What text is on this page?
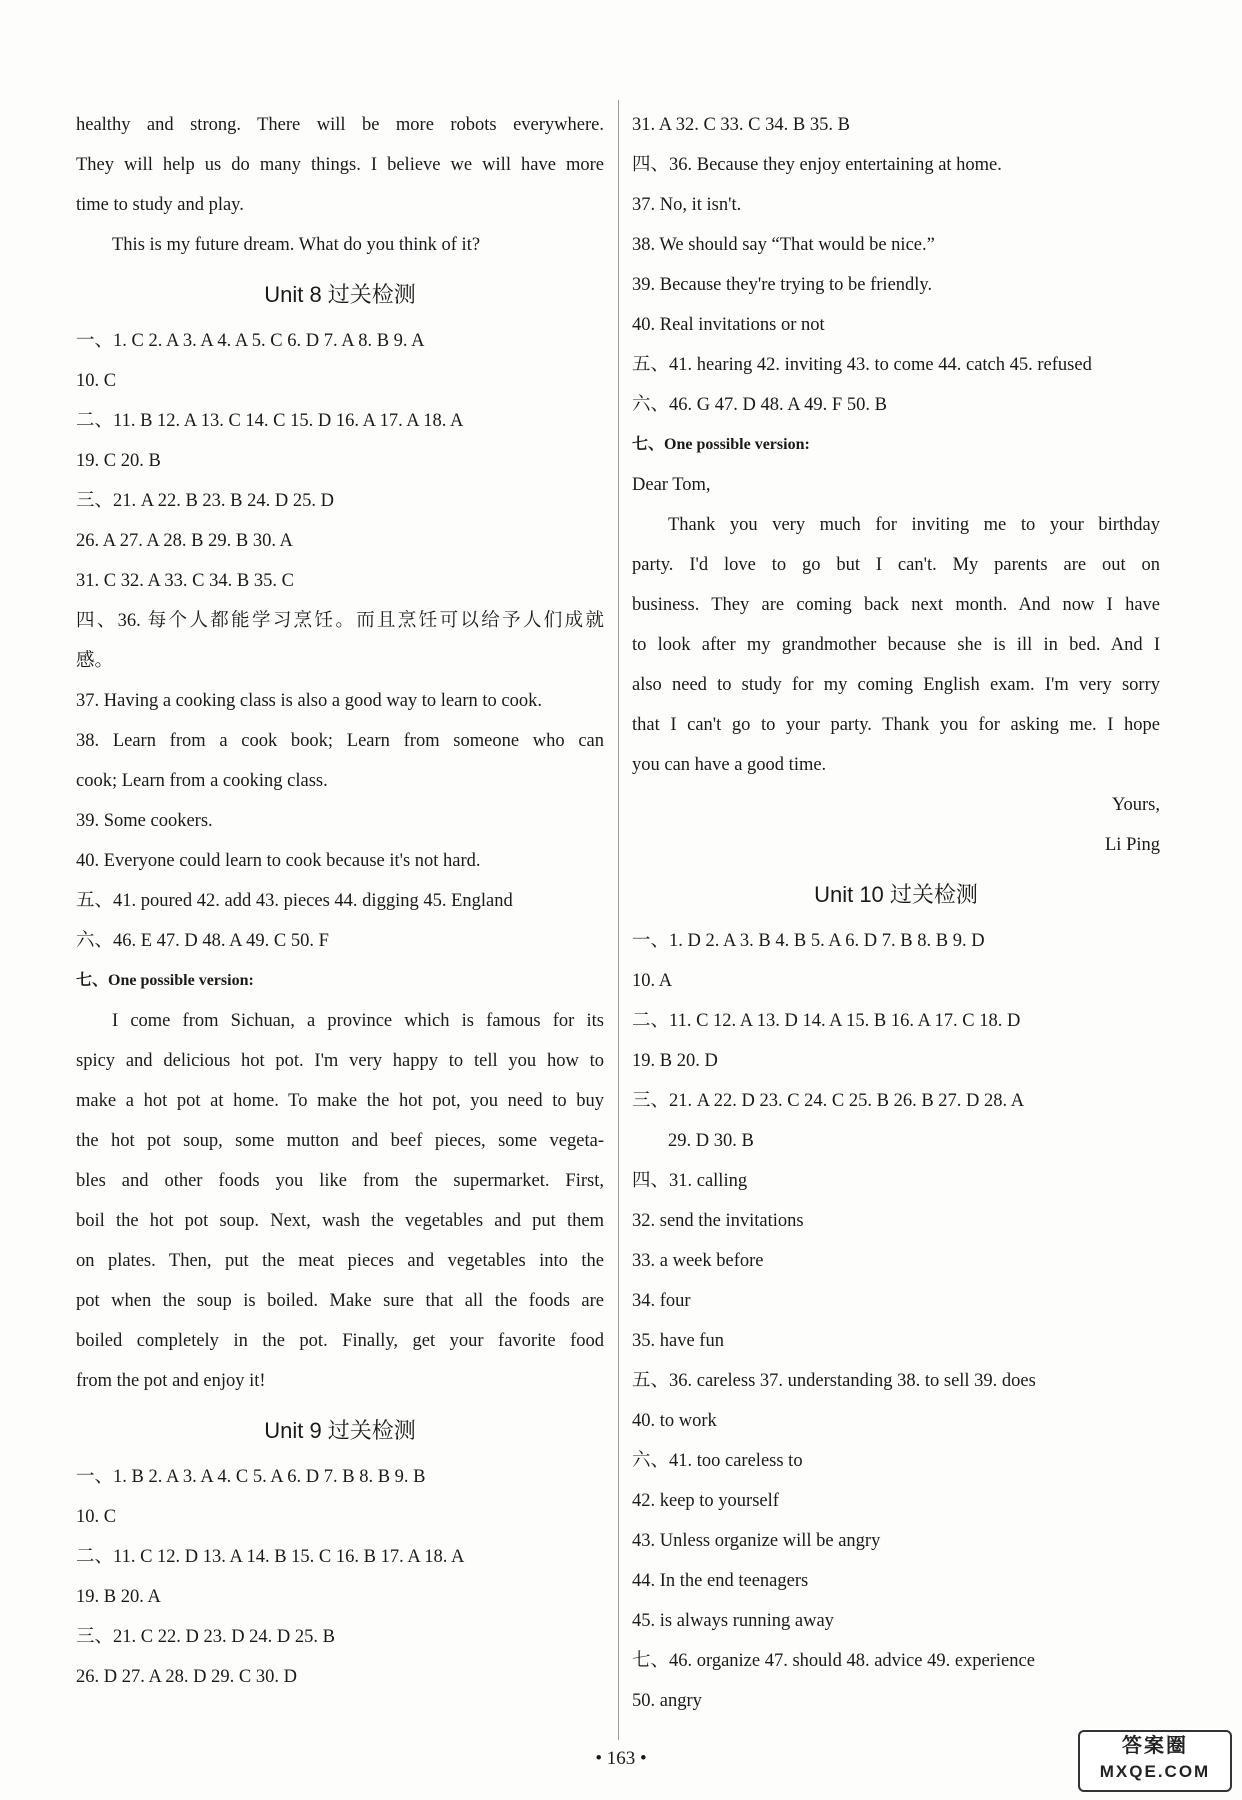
healthy and strong. There will be more robots everywhere.
They will help us do many things. I believe we will have more
time to study and play.
This is my future dream. What do you think of it?
Unit 8 过关检测
一、1. C 2. A 3. A 4. A 5. C 6. D 7. A 8. B 9. A
10. C
二、11. B 12. A 13. C 14. C 15. D 16. A 17. A 18. A
19. C 20. B
三、21. A 22. B 23. B 24. D 25. D
26. A 27. A 28. B 29. B 30. A
31. C 32. A 33. C 34. B 35. C
四、36. 每个人都能学习烹饪。而且烹饪可以给予人们成就
感。
37. Having a cooking class is also a good way to learn to cook.
38. Learn from a cook book; Learn from someone who can
cook; Learn from a cooking class.
39. Some cookers.
40. Everyone could learn to cook because it's not hard.
五、41. poured 42. add 43. pieces 44. digging 45. England
六、46. E 47. D 48. A 49. C 50. F
七、One possible version:
I come from Sichuan, a province which is famous for its
spicy and delicious hot pot. I'm very happy to tell you how to
make a hot pot at home. To make the hot pot, you need to buy
the hot pot soup, some mutton and beef pieces, some vegeta-
bles and other foods you like from the supermarket. First,
boil the hot pot soup. Next, wash the vegetables and put them
on plates. Then, put the meat pieces and vegetables into the
pot when the soup is boiled. Make sure that all the foods are
boiled completely in the pot. Finally, get your favorite food
from the pot and enjoy it!
Unit 9 过关检测
一、1. B 2. A 3. A 4. C 5. A 6. D 7. B 8. B 9. B
10. C
二、11. C 12. D 13. A 14. B 15. C 16. B 17. A 18. A
19. B 20. A
三、21. C 22. D 23. D 24. D 25. B
26. D 27. A 28. D 29. C 30. D
31. A 32. C 33. C 34. B 35. B
四、36. Because they enjoy entertaining at home.
37. No, it isn't.
38. We should say “That would be nice.”
39. Because they're trying to be friendly.
40. Real invitations or not
五、41. hearing 42. inviting 43. to come 44. catch 45. refused
六、46. G 47. D 48. A 49. F 50. B
七、One possible version:
Dear Tom,
Thank you very much for inviting me to your birthday
party. I'd love to go but I can't. My parents are out on
business. They are coming back next month. And now I have
to look after my grandmother because she is ill in bed. And I
also need to study for my coming English exam. I'm very sorry
that I can't go to your party. Thank you for asking me. I hope
you can have a good time.
Yours,
Li Ping
Unit 10 过关检测
一、1. D 2. A 3. B 4. B 5. A 6. D 7. B 8. B 9. D
10. A
二、11. C 12. A 13. D 14. A 15. B 16. A 17. C 18. D
19. B 20. D
三、21. A 22. D 23. C 24. C 25. B 26. B 27. D 28. A
29. D 30. B
四、31. calling
32. send the invitations
33. a week before
34. four
35. have fun
五、36. careless 37. understanding 38. to sell 39. does
40. to work
六、41. too careless to
42. keep to yourself
43. Unless organize will be angry
44. In the end teenagers
45. is always running away
七、46. organize 47. should 48. advice 49. experience
50. angry
• 163 •
答案圈
MXQE.COM
